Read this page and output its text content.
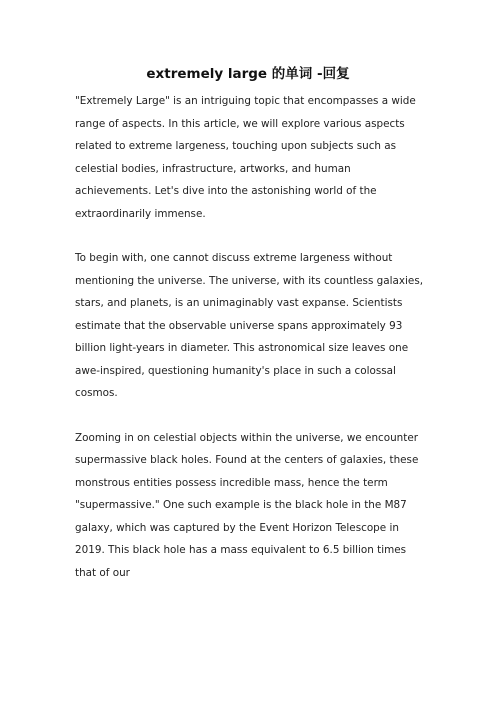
extremely large 的单词 -回复

"Extremely Large" is an intriguing topic that encompasses a wide range of aspects. In this article, we will explore various aspects related to extreme largeness, touching upon subjects such as celestial bodies, infrastructure, artworks, and human achievements. Let's dive into the astonishing world of the extraordinarily immense.

To begin with, one cannot discuss extreme largeness without mentioning the universe. The universe, with its countless galaxies, stars, and planets, is an unimaginably vast expanse. Scientists estimate that the observable universe spans approximately 93 billion light-years in diameter. This astronomical size leaves one awe-inspired, questioning humanity's place in such a colossal cosmos.

Zooming in on celestial objects within the universe, we encounter supermassive black holes. Found at the centers of galaxies, these monstrous entities possess incredible mass, hence the term "supermassive." One such example is the black hole in the M87 galaxy, which was captured by the Event Horizon Telescope in 2019. This black hole has a mass equivalent to 6.5 billion times that of our
